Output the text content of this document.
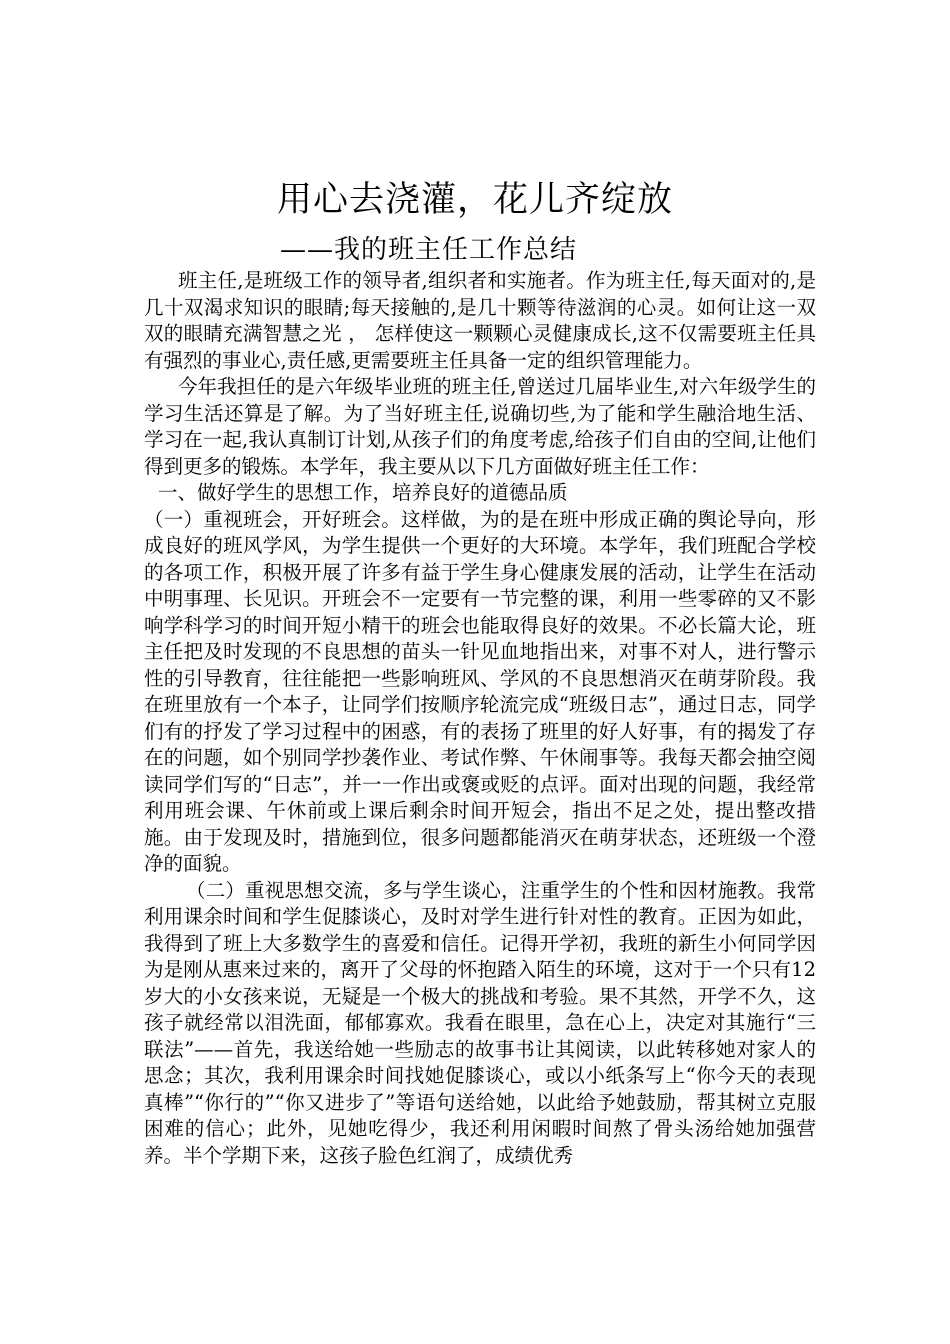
用心去浇灌，花儿齐绽放
——我的班主任工作总结

班主任,是班级工作的领导者,组织者和实施者。作为班主任,每天面对的,是几十双渴求知识的眼睛;每天接触的,是几十颗等待滋润的心灵。如何让这一双双的眼睛充满智慧之光 ， 怎样使这一颗颗心灵健康成长,这不仅需要班主任具有强烈的事业心,责任感,更需要班主任具备一定的组织管理能力。

今年我担任的是六年级毕业班的班主任,曾送过几届毕业生,对六年级学生的学习生活还算是了解。为了当好班主任,说确切些,为了能和学生融洽地生活、学习在一起,我认真制订计划,从孩子们的角度考虑,给孩子们自由的空间,让他们得到更多的锻炼。本学年，我主要从以下几方面做好班主任工作：

一、做好学生的思想工作，培养良好的道德品质

（一）重视班会，开好班会。这样做，为的是在班中形成正确的舆论导向，形成良好的班风学风，为学生提供一个更好的大环境。本学年，我们班配合学校的各项工作，积极开展了许多有益于学生身心健康发展的活动，让学生在活动中明事理、长见识。开班会不一定要有一节完整的课，利用一些零碎的又不影响学科学习的时间开短小精干的班会也能取得良好的效果。不必长篇大论，班主任把及时发现的不良思想的苗头一针见血地指出来，对事不对人，进行警示性的引导教育，往往能把一些影响班风、学风的不良思想消灭在萌芽阶段。我在班里放有一个本子，让同学们按顺序轮流完成“班级日志”，通过日志，同学们有的抒发了学习过程中的困惑，有的表扬了班里的好人好事，有的揭发了存在的问题，如个别同学抄袭作业、考试作弊、午休闹事等。我每天都会抽空阅读同学们写的“日志”，并一一作出或褒或贬的点评。面对出现的问题，我经常利用班会课、午休前或上课后剩余时间开短会，指出不足之处，提出整改措施。由于发现及时，措施到位，很多问题都能消灭在萌芽状态，还班级一个澄净的面貌。

（二）重视思想交流，多与学生谈心，注重学生的个性和因材施教。我常利用课余时间和学生促膝谈心，及时对学生进行针对性的教育。正因为如此，我得到了班上大多数学生的喜爱和信任。记得开学初，我班的新生小何同学因为是刚从惠来过来的，离开了父母的怀抱踏入陌生的环境，这对于一个只有12岁大的小女孩来说，无疑是一个极大的挑战和考验。果不其然，开学不久，这孩子就经常以泪洗面，郁郁寡欢。我看在眼里，急在心上，决定对其施行“三联法”——首先，我送给她一些励志的故事书让其阅读，以此转移她对家人的思念；其次，我利用课余时间找她促膝谈心，或以小纸条写上“你今天的表现真棒”“你行的”“你又进步了”等语句送给她，以此给予她鼓励，帮其树立克服困难的信心；此外，见她吃得少，我还利用闲暇时间熬了骨头汤给她加强营养。半个学期下来，这孩子脸色红润了，成绩优秀
